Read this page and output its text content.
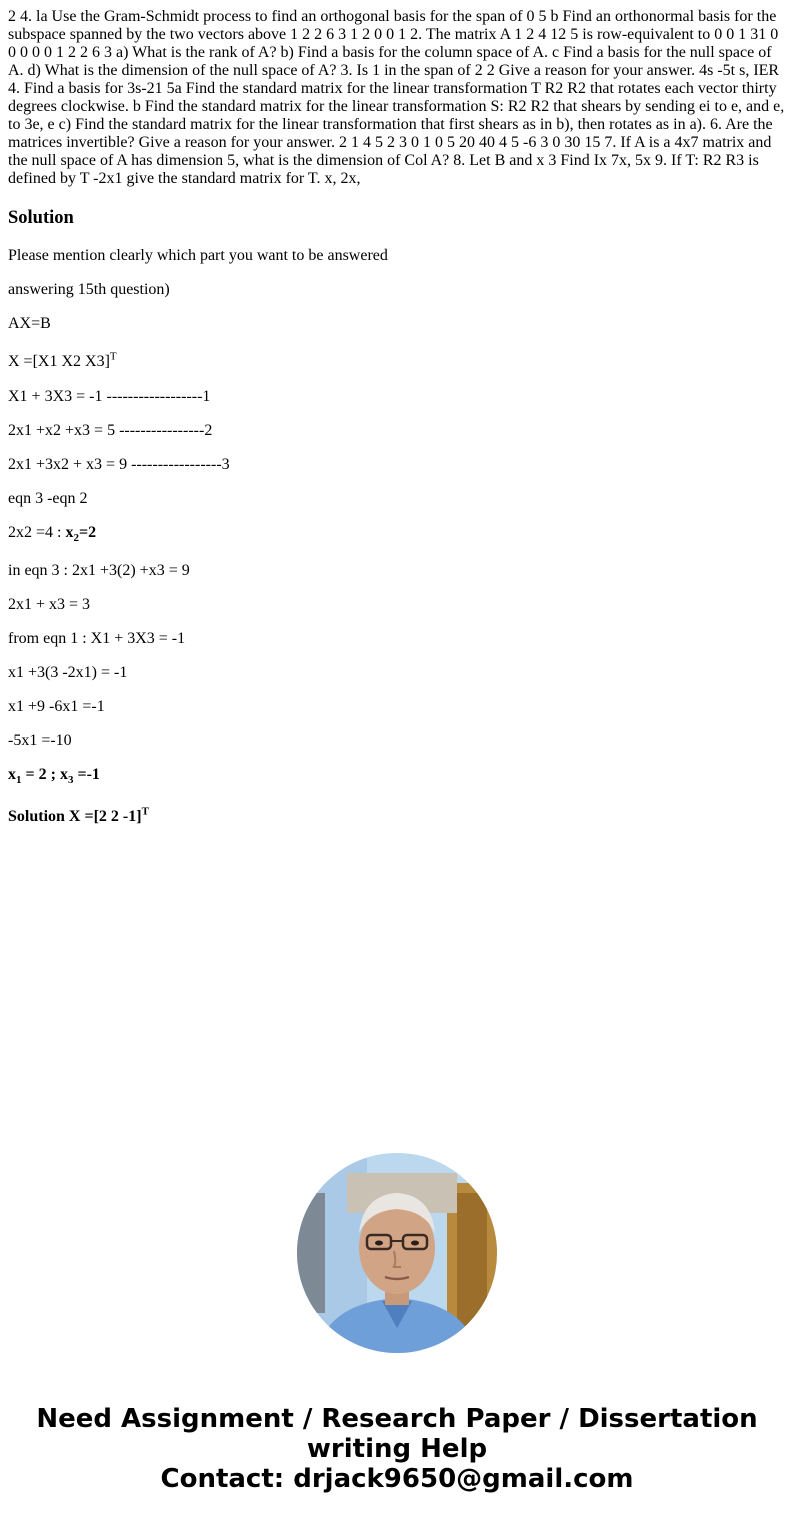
2 4. la Use the Gram-Schmidt process to find an orthogonal basis for the span of 0 5 b Find an orthonormal basis for the subspace spanned by the two vectors above 1 2 2 6 3 1 2 0 0 1 2. The matrix A 1 2 4 12 5 is row-equivalent to 0 0 1 31 0 0 0 0 0 1 2 2 6 3 a) What is the rank of A? b) Find a basis for the column space of A. c Find a basis for the null space of A. d) What is the dimension of the null space of A? 3. Is 1 in the span of 2 2 Give a reason for your answer. 4s -5t s, IER 4. Find a basis for 3s-21 5a Find the standard matrix for the linear transformation T R2 R2 that rotates each vector thirty degrees clockwise. b Find the standard matrix for the linear transformation S: R2 R2 that shears by sending ei to e, and e, to 3e, e c) Find the standard matrix for the linear transformation that first shears as in b), then rotates as in a). 6. Are the matrices invertible? Give a reason for your answer. 2 1 4 5 2 3 0 1 0 5 20 40 4 5 -6 3 0 30 15 7. If A is a 4x7 matrix and the null space of A has dimension 5, what is the dimension of Col A? 8. Let B and x 3 Find Ix 7x, 5x 9. If T: R2 R3 is defined by T -2x1 give the standard matrix for T. x, 2x,

Solution

Please mention clearly which part you want to be answered

answering 15th question)

AX=B

X =[X1 X2 X3]$^T$

X1 + 3X3 = -1 ------------------1

2x1 +x2 +x3 = 5 ----------------2

2x1 +3x2 + x3 = 9 -----------------3

eqn 3 -eqn 2

2x2 =4 : $x_2=2$

in eqn 3 : 2x1 +3(2) +x3 = 9

2x1 + x3 = 3

from eqn 1 : X1 + 3X3 = -1

x1 +3(3 -2x1) = -1

x1 +9 -6x1 =-1

-5x1 =-10

$x_1 = 2$ ; $x_3 =-1$

Solution X =[2 2 -1]$^T$

Need Assignment / Research Paper / Dissertation
writing Help
Contact: drjack9650@gmail.com
